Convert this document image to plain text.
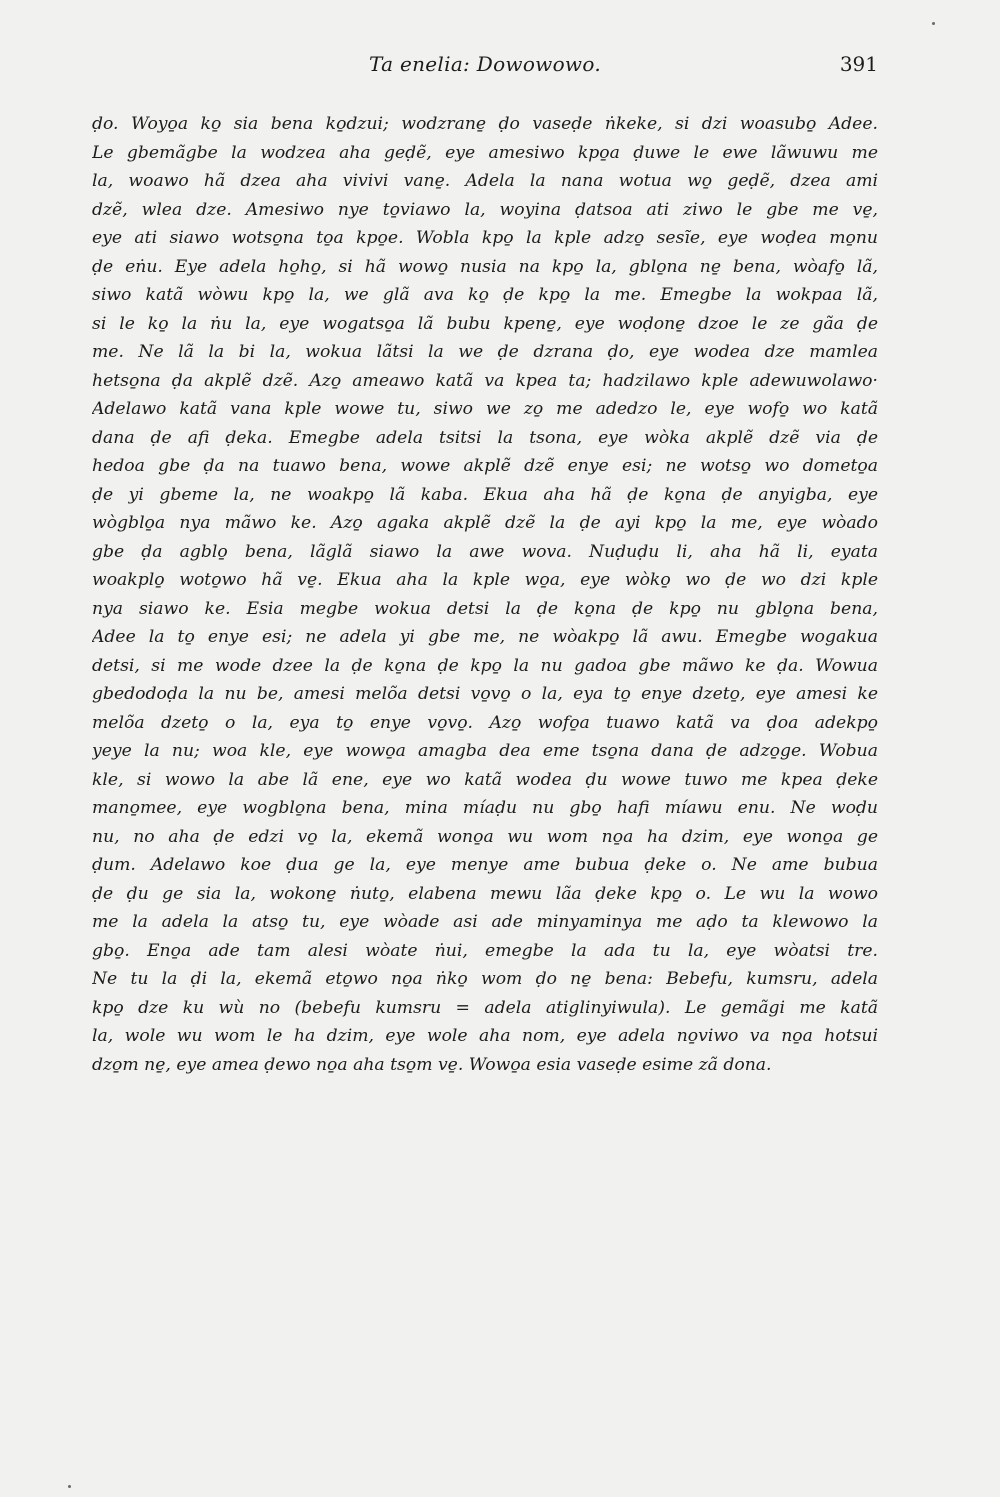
Ta enelia: Dowowowo.	391
ḍo. Woyo̱a ko̱ sia bena ko̱dzui; wodzrane̱ ḍo vaseḍe ṅkeke, si dzi woasubo̱ Adee.
Le gbemãgbe la wodzea aha geḍẽ, eye amesiwo kpo̱a ḍuwe le ewe lãwuwu me
la, woawo hã dzea aha vivivi vane̱. Adela la nana wotua wo̱ geḍẽ, dzea ami
dzẽ, wlea dze. Amesiwo nye to̱viawo la, woyina ḍatsoa ati ziwo le gbe me ve̱,
eye ati siawo wotso̱na to̱a kpo̱e. Wobla kpo̱ la kple adzo̱ sesĩe, eye woḍea mo̱nu
ḍe eṅu. Eye adela ho̱ho̱, si hã wowo̱ nusia na kpo̱ la, gblo̱na ne̱ bena, wòafo̱ lã,
siwo katã wòwu kpo̱ la, we glã ava ko̱ ḍe kpo̱ la me. Emegbe la wokpaa lã,
si le ko̱ la ṅu la, eye wogatso̱a lã bubu kpene̱, eye woḍone̱ dzoe le ze gãa ḍe
me. Ne lã la bi la, wokua lãtsi la we ḍe dzrana ḍo, eye wodea dze mamlea
hetso̱na ḍa akplẽ dzẽ. Azo̱ ameawo katã va kpea ta; hadzilawo kple adewuwolawo·
Adelawo katã vana kple wowe tu, siwo we zo̱ me adedzo le, eye wofo̱ wo katã
dana ḍe afi ḍeka. Emegbe adela tsitsi la tsona, eye wòka akplẽ dzẽ via ḍe
hedoa gbe ḍa na tuawo bena, wowe akplẽ dzẽ enye esi; ne wotso̱ wo dometo̱a
ḍe yi gbeme la, ne woakpo̱ lã kaba. Ekua aha hã ḍe ko̱na ḍe anyigba, eye
wògblo̱a nya mãwo ke. Azo̱ agaka akplẽ dzẽ la ḍe ayi kpo̱ la me, eye wòado
gbe ḍa agblo̱ bena, lãglã siawo la awe wova. Nuḍuḍu li, aha hã li, eyata
woakplo̱ woto̱wo hã ve̱. Ekua aha la kple wo̱a, eye wòko̱ wo ḍe wo dzi kple
nya siawo ke. Esia megbe wokua detsi la ḍe ko̱na ḍe kpo̱ nu gblo̱na bena,
Adee la to̱ enye esi; ne adela yi gbe me, ne wòakpo̱ lã awu. Emegbe wogakua
detsi, si me wode dzee la ḍe ko̱na ḍe kpo̱ la nu gadoa gbe mãwo ke ḍa. Wowua
gbedodoḍa la nu be, amesi melõa detsi vo̱vo̱ o la, eya to̱ enye dzeto̱, eye amesi ke
melõa dzeto̱ o la, eya to̱ enye vo̱vo̱. Azo̱ wofo̱a tuawo katã va ḍoa adekpo̱
yeye la nu; woa kle, eye wowo̱a amagba dea eme tso̱na dana ḍe adzo̱ge. Wobua
kle, si wowo la abe lã ene, eye wo katã wodea ḍu wowe tuwo me kpea ḍeke
mano̱mee, eye wogblo̱na bena, mina míaḍu nu gbo̱ hafi míawu enu. Ne woḍu
nu, no aha ḍe edzi vo̱ la, ekemã wono̱a wu wom no̱a ha dzim, eye wono̱a ge
ḍum. Adelawo koe ḍua ge la, eye menye ame bubua ḍeke o. Ne ame bubua
ḍe ḍu ge sia la, wokone̱ ṅuto̱, elabena mewu lãa ḍeke kpo̱ o. Le wu la wowo
me la adela la atso̱ tu, eye wòade asi ade minyaminya me aḍo ta klewowo la
gbo̱. Eno̱a ade tam alesi wòate ṅui, emegbe la ada tu la, eye wòatsi tre.
Ne tu la ḍi la, ekemã eto̱wo no̱a ṅko̱ wom ḍo ne̱ bena: Bebefu, kumsru, adela
kpo̱ dze ku wù no (bebefu kumsru = adela atiglinyiwula). Le gemãgi me katã
la, wole wu wom le ha dzim, eye wole aha nom, eye adela no̱viwo va no̱a hotsui
dzo̱m ne̱, eye amea ḍewo no̱a aha tso̱m ve̱. Wowo̱a esia vaseḍe esime zã dona.
